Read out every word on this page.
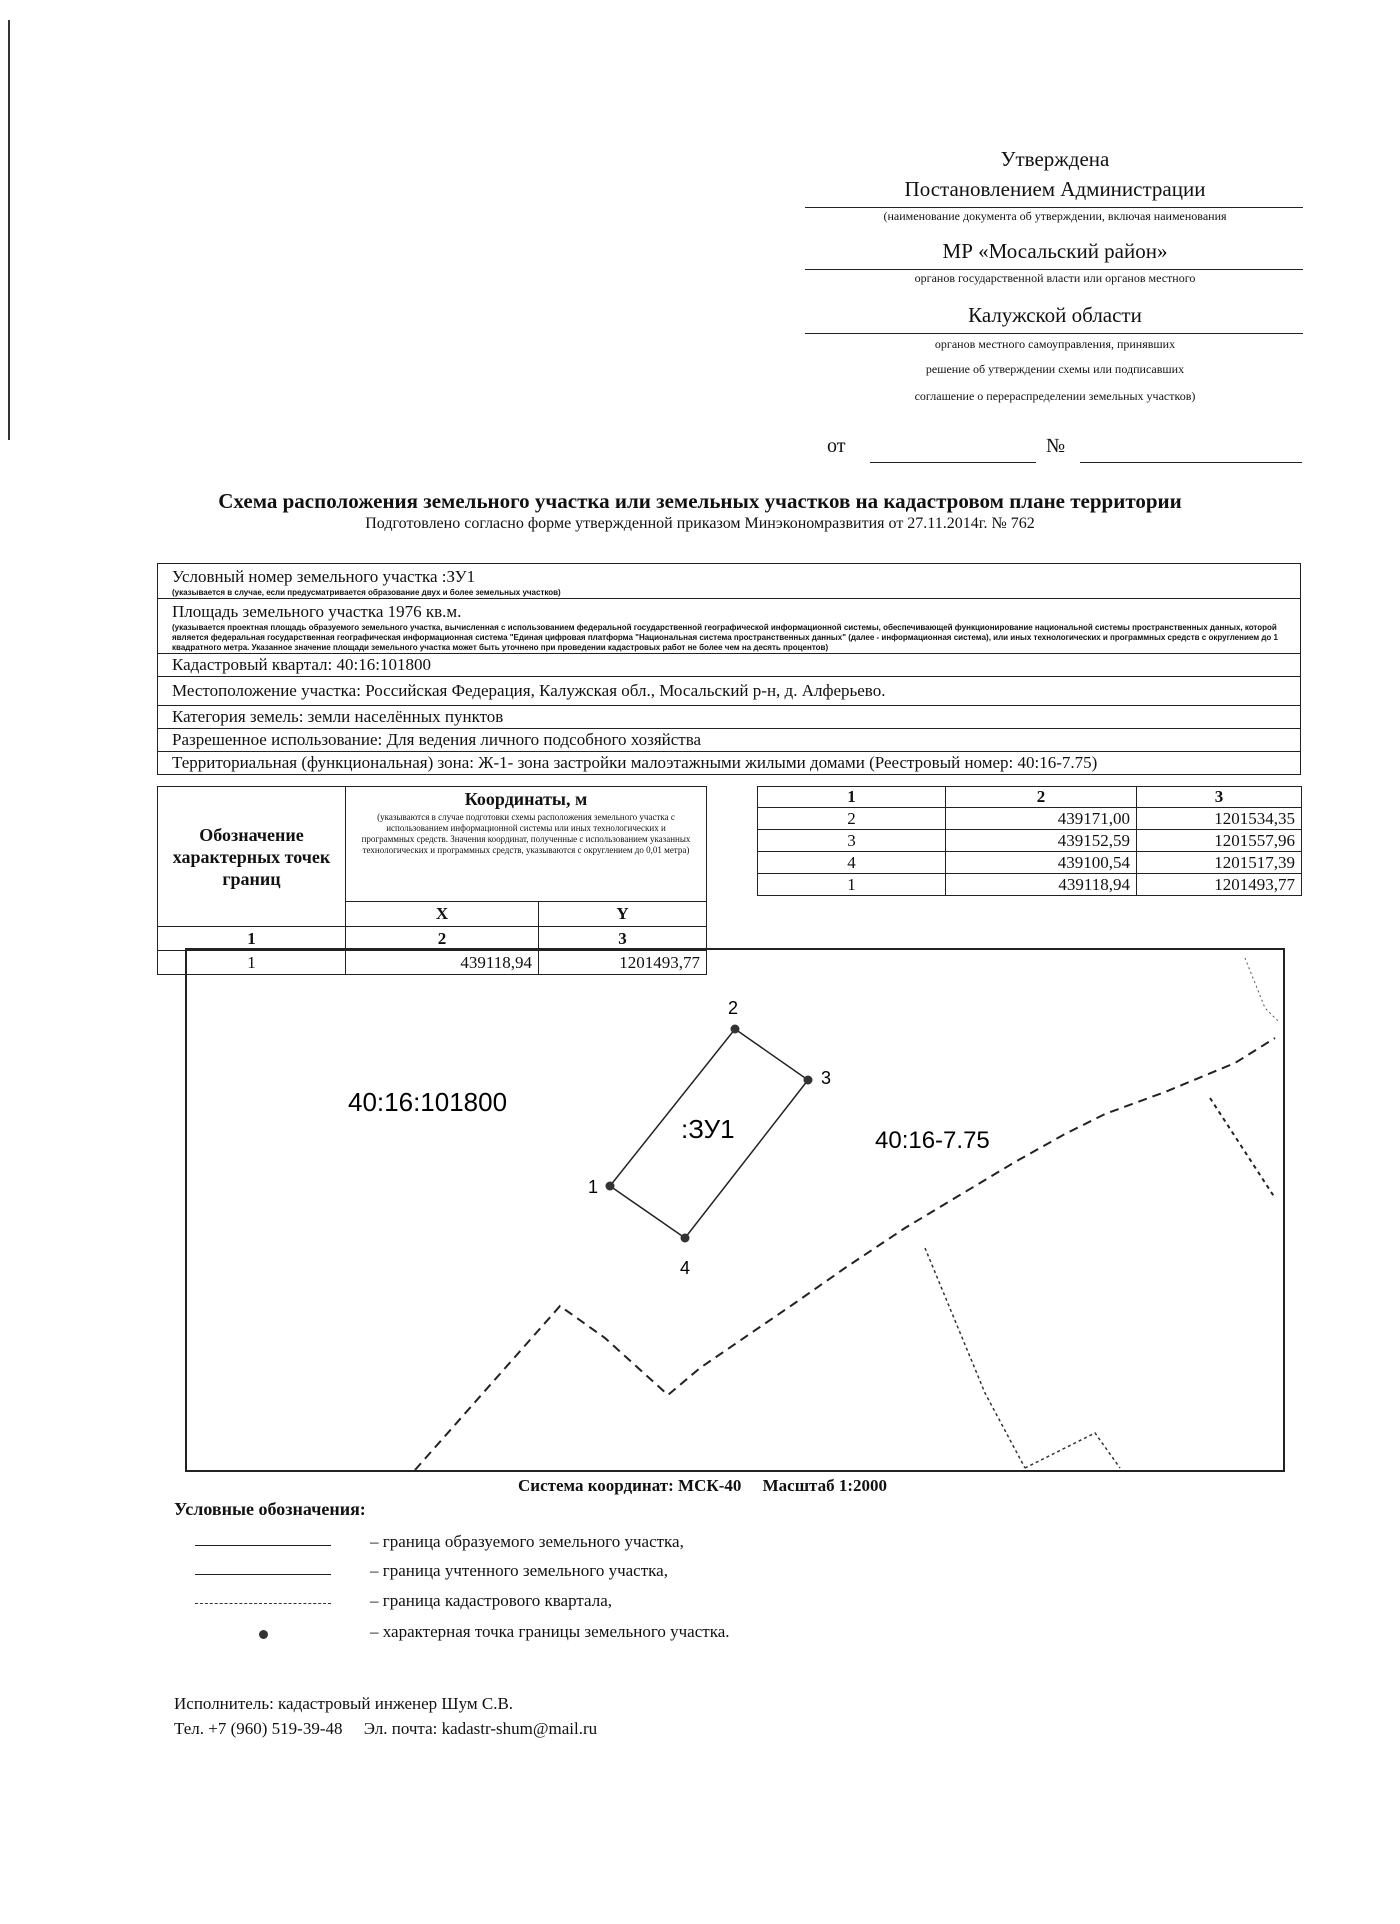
Утверждена
Постановлением Администрации
(наименование документа об утверждении, включая наименования
МР «Мосальский район»
органов государственной власти или органов местного
Калужской области
органов местного самоуправления, принявших
решение об утверждении схемы или подписавших
соглашение о перераспределении земельных участков)
от	№
Схема расположения земельного участка или земельных участков на кадастровом плане территории
Подготовлено согласно форме утвержденной приказом Минэкономразвития от 27.11.2014г. № 762
Условный номер земельного участка :ЗУ1
(указывается в случае, если предусматривается образование двух и более земельных участков)
Площадь земельного участка 1976 кв.м.
(указывается проектная площадь образуемого земельного участка, вычисленная с использованием федеральной государственной географической информационной системы, обеспечивающей функционирование национальной системы пространственных данных, которой является федеральная государственная географическая информационная система "Единая цифровая платформа "Национальная система пространственных данных" (далее - информационная система), или иных технологических и программных средств с округлением до 1 квадратного метра. Указанное значение площади земельного участка может быть уточнено при проведении кадастровых работ не более чем на десять процентов)
Кадастровый квартал: 40:16:101800
Местоположение участка: Российская Федерация, Калужская обл., Мосальский р-н, д. Алферьево.
Категория земель: земли населённых пунктов
Разрешенное использование: Для ведения личного подсобного хозяйства
Территориальная (функциональная) зона: Ж-1- зона застройки малоэтажными жилыми домами (Реестровый номер: 40:16-7.75)
Обозначение характерных точек границ	Координаты, м
(указываются в случае подготовки схемы расположения земельного участка с использованием информационной системы или иных технологических и программных средств. Значения координат, полученные с использованием указанных технологических и программных средств, указываются с округлением до 0,01 метра)	

	X	Y
1	2	3
1	439118,94	1201493,77
1	2	3
2	439171,00	1201534,35
3	439152,59	1201557,96
4	439100,54	1201517,39
1	439118,94	1201493,77
1
2
3
4
40:16:101800
:ЗУ1	40:16-7.75
Система координат: МСК-40     Масштаб 1:2000
Условные обозначения:
– граница образуемого земельного участка,
– граница учтенного земельного участка,
– граница кадастрового квартала,
– характерная точка границы земельного участка.
Исполнитель: кадастровый инженер Шум С.В.
Тел. +7 (960) 519-39-48     Эл. почта: kadastr-shum@mail.ru
